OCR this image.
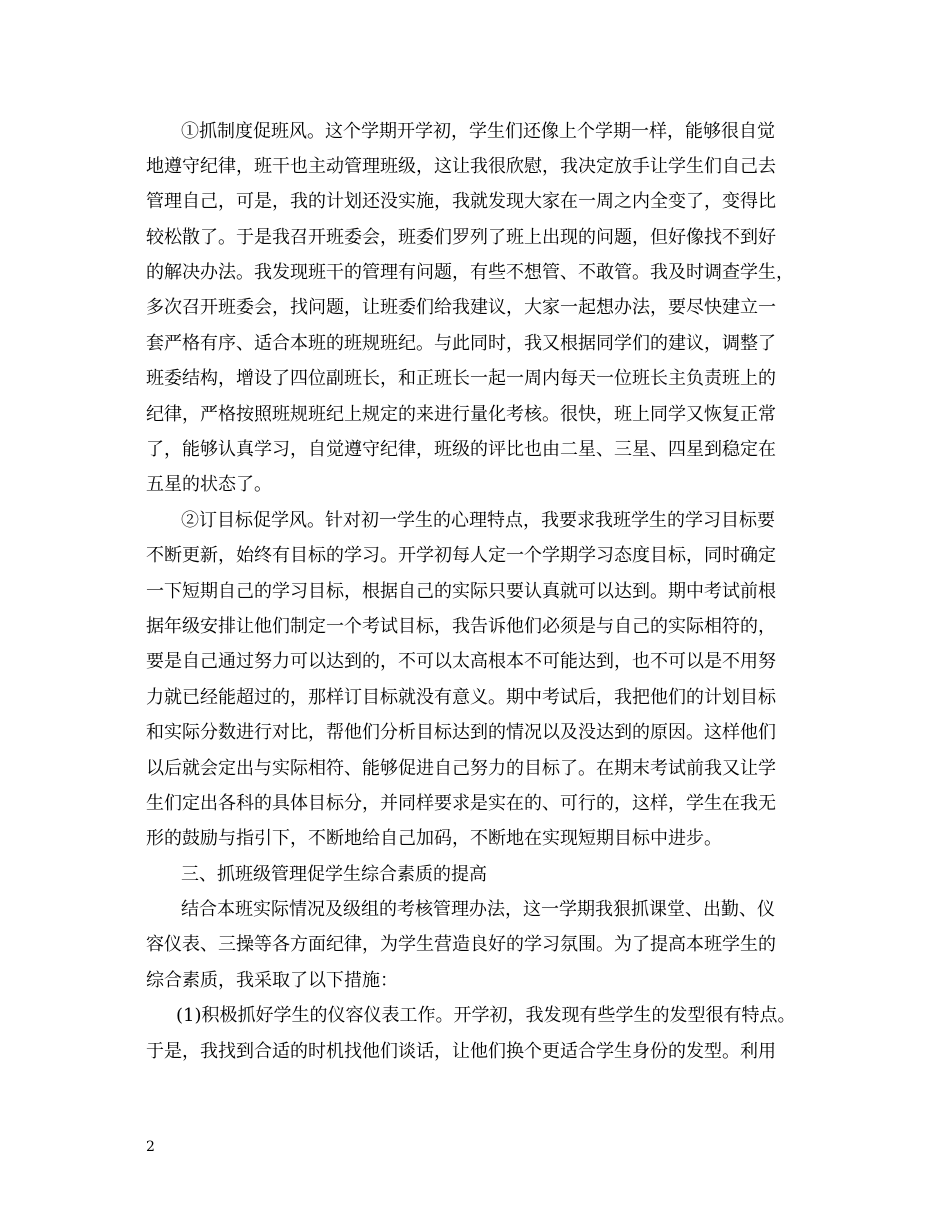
①抓制度促班风。这个学期开学初，学生们还像上个学期一样，能够很自觉
地遵守纪律，班干也主动管理班级，这让我很欣慰，我决定放手让学生们自己去
管理自己，可是，我的计划还没实施，我就发现大家在一周之内全变了，变得比
较松散了。于是我召开班委会，班委们罗列了班上出现的问题，但好像找不到好
的解决办法。我发现班干的管理有问题，有些不想管、不敢管。我及时调查学生，
多次召开班委会，找问题，让班委们给我建议，大家一起想办法，要尽快建立一
套严格有序、适合本班的班规班纪。与此同时，我又根据同学们的建议，调整了
班委结构，增设了四位副班长，和正班长一起一周内每天一位班长主负责班上的
纪律，严格按照班规班纪上规定的来进行量化考核。很快，班上同学又恢复正常
了，能够认真学习，自觉遵守纪律，班级的评比也由二星、三星、四星到稳定在
五星的状态了。
②订目标促学风。针对初一学生的心理特点，我要求我班学生的学习目标要
不断更新，始终有目标的学习。开学初每人定一个学期学习态度目标，同时确定
一下短期自己的学习目标，根据自己的实际只要认真就可以达到。期中考试前根
据年级安排让他们制定一个考试目标，我告诉他们必须是与自己的实际相符的，
要是自己通过努力可以达到的，不可以太高根本不可能达到，也不可以是不用努
力就已经能超过的，那样订目标就没有意义。期中考试后，我把他们的计划目标
和实际分数进行对比，帮他们分析目标达到的情况以及没达到的原因。这样他们
以后就会定出与实际相符、能够促进自己努力的目标了。在期末考试前我又让学
生们定出各科的具体目标分，并同样要求是实在的、可行的，这样，学生在我无
形的鼓励与指引下，不断地给自己加码，不断地在实现短期目标中进步。
三、抓班级管理促学生综合素质的提高
结合本班实际情况及级组的考核管理办法，这一学期我狠抓课堂、出勤、仪
容仪表、三操等各方面纪律，为学生营造良好的学习氛围。为了提高本班学生的
综合素质，我采取了以下措施：
(1)积极抓好学生的仪容仪表工作。开学初，我发现有些学生的发型很有特点。
于是，我找到合适的时机找他们谈话，让他们换个更适合学生身份的发型。利用
2
